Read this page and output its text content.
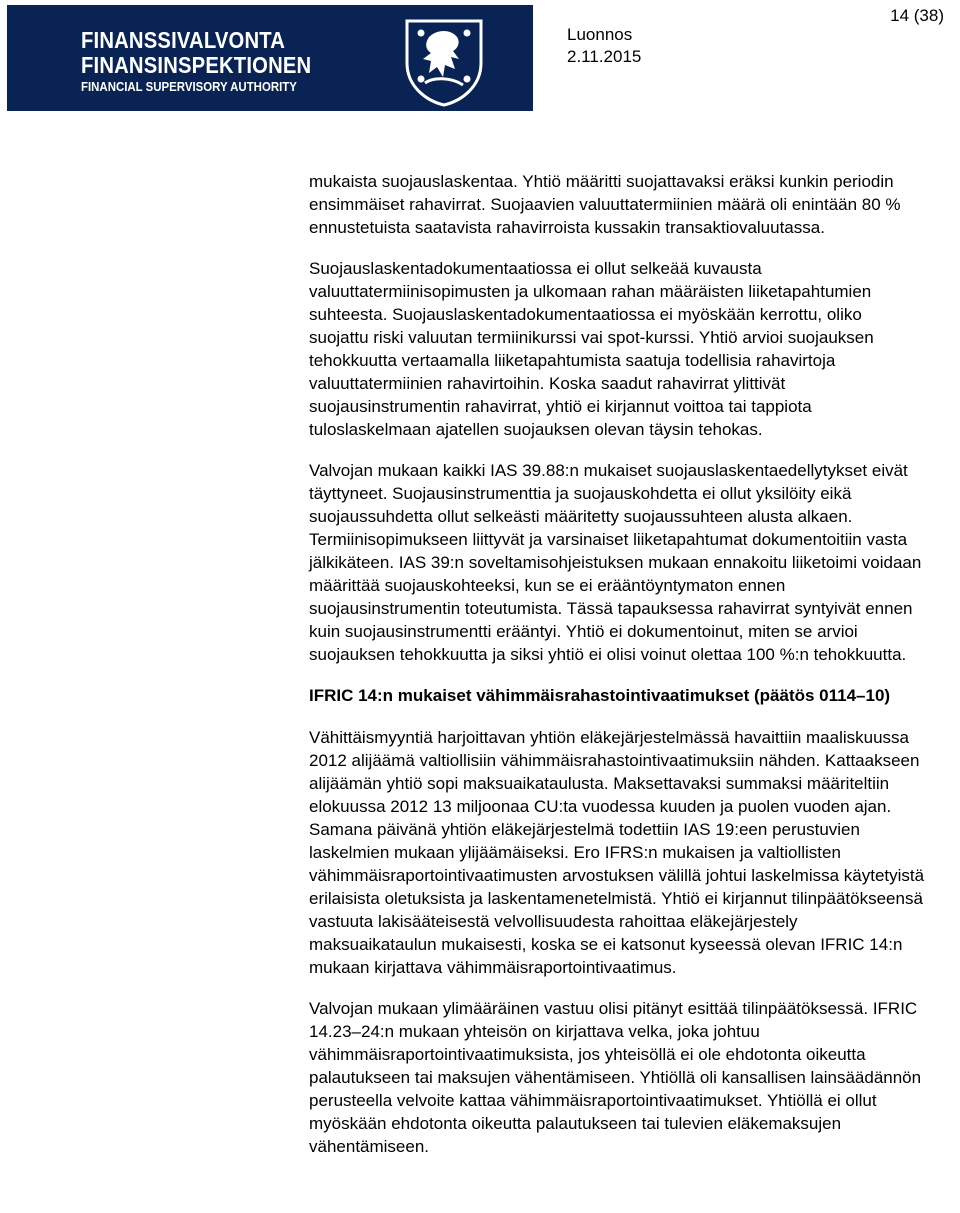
FINANSSIVALVONTA
FINANSINSPEKTIONEN
FINANCIAL SUPERVISORY AUTHORITY
Luonnos
2.11.2015
14 (38)

mukaista suojauslaskentaa. Yhtiö määritti suojattavaksi eräksi kunkin periodin ensimmäiset rahavirrat. Suojaavien valuuttatermiinien määrä oli enintään 80 % ennustetuista saatavista rahavirroista kussakin transaktiovaluutassa.

Suojauslaskentadokumentaatiossa ei ollut selkeää kuvausta valuuttatermiinisopimusten ja ulkomaan rahan määräisten liiketapahtumien suhteesta. Suojauslaskentadokumentaatiossa ei myöskään kerrottu, oliko suojattu riski valuutan termiinikurssi vai spot-kurssi. Yhtiö arvioi suojauksen tehokkuutta vertaamalla liiketapahtumista saatuja todellisia rahavirtoja valuuttatermiinien rahavirtoihin. Koska saadut rahavirrat ylittivät suojausinstrumentin rahavirrat, yhtiö ei kirjannut voittoa tai tappiota tuloslaskelmaan ajatellen suojauksen olevan täysin tehokas.

Valvojan mukaan kaikki IAS 39.88:n mukaiset suojauslaskentaedellytykset eivät täyttyneet. Suojausinstrumenttia ja suojauskohdetta ei ollut yksilöity eikä suojaussuhdetta ollut selkeästi määritetty suojaussuhteen alusta alkaen. Termiinisopimukseen liittyvät ja varsinaiset liiketapahtumat dokumentoitiin vasta jälkikäteen. IAS 39:n soveltamisohjeistuksen mukaan ennakoitu liiketoimi voidaan määrittää suojauskohteeksi, kun se ei erääntöyntymaton ennen suojausinstrumentin toteutumista. Tässä tapauksessa rahavirrat syntyivät ennen kuin suojausinstrumentti erääntyi. Yhtiö ei dokumentoinut, miten se arvioi suojauksen tehokkuutta ja siksi yhtiö ei olisi voinut olettaa 100 %:n tehokkuutta.

IFRIC 14:n mukaiset vähimmäisrahastointivaatimukset (päätös 0114–10)

Vähittäismyyntiä harjoittavan yhtiön eläkejärjestelmässä havaittiin maaliskuussa 2012 alijäämä valtiollisiin vähimmäisrahastointivaatimuksiin nähden. Kattaakseen alijäämän yhtiö sopi maksuaikataulusta. Maksettavaksi summaksi määriteltiin elokuussa 2012 13 miljoonaa CU:ta vuodessa kuuden ja puolen vuoden ajan. Samana päivänä yhtiön eläkejärjestelmä todettiin IAS 19:een perustuvien laskelmien mukaan ylijäämäiseksi. Ero IFRS:n mukaisen ja valtiollisten vähimmäisraportointivaatimusten arvostuksen välillä johtui laskelmissa käytetyistä erilaisista oletuksista ja laskentamenetelmistä. Yhtiö ei kirjannut tilinpäätökseensä vastuuta lakisääteisestä velvollisuudesta rahoittaa eläkejärjestely maksuaikataulun mukaisesti, koska se ei katsonut kyseessä olevan IFRIC 14:n mukaan kirjattava vähimmäisraportointivaatimus.

Valvojan mukaan ylimääräinen vastuu olisi pitänyt esittää tilinpäätöksessä. IFRIC 14.23–24:n mukaan yhteisön on kirjattava velka, joka johtuu vähimmäisraportointivaatimuksista, jos yhteisöllä ei ole ehdotonta oikeutta palautukseen tai maksujen vähentämiseen. Yhtiöllä oli kansallisen lainsäädännön perusteella velvoite kattaa vähimmäisraportointivaatimukset. Yhtiöllä ei ollut myöskään ehdotonta oikeutta palautukseen tai tulevien eläkemaksujen vähentämiseen.
